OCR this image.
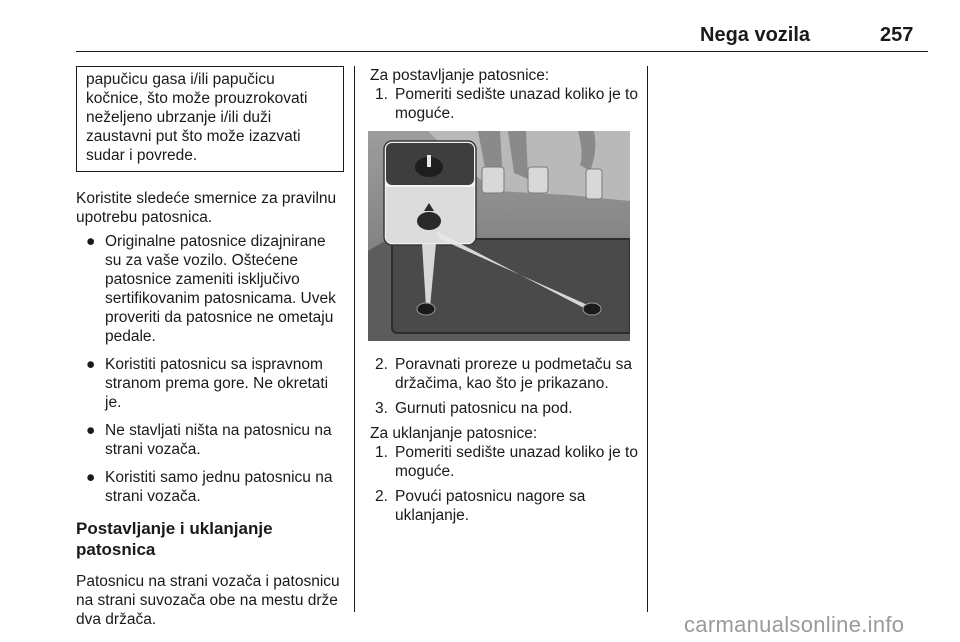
Nega vozila	257

papučicu gasa i/ili papučicu kočnice, što može prouzrokovati neželjeno ubrzanje i/ili duži zaustavni put što može izazvati sudar i povrede.

Koristite sledeće smernice za pravilnu upotrebu patosnica.

● Originalne patosnice dizajnirane su za vaše vozilo. Oštećene patosnice zameniti isključivo sertifikovanim patosnicama. Uvek proveriti da patosnice ne ometaju pedale.
● Koristiti patosnicu sa ispravnom stranom prema gore. Ne okretati je.
● Ne stavljati ništa na patosnicu na strani vozača.
● Koristiti samo jednu patosnicu na strani vozača.
Postavljanje i uklanjanje patosnica

Patosnicu na strani vozača i patosnicu na strani suvozača obe na mestu drže dva držača.

Za postavljanje patosnice:

1. Pomeriti sedište unazad koliko je to moguće.
2. Poravnati proreze u podmetaču sa držačima, kao što je prikazano.
3. Gurnuti patosnicu na pod.

Za uklanjanje patosnice:

1. Pomeriti sedište unazad koliko je to moguće.
2. Povući patosnicu nagore sa uklanjanje.
carmanualsonline.info
